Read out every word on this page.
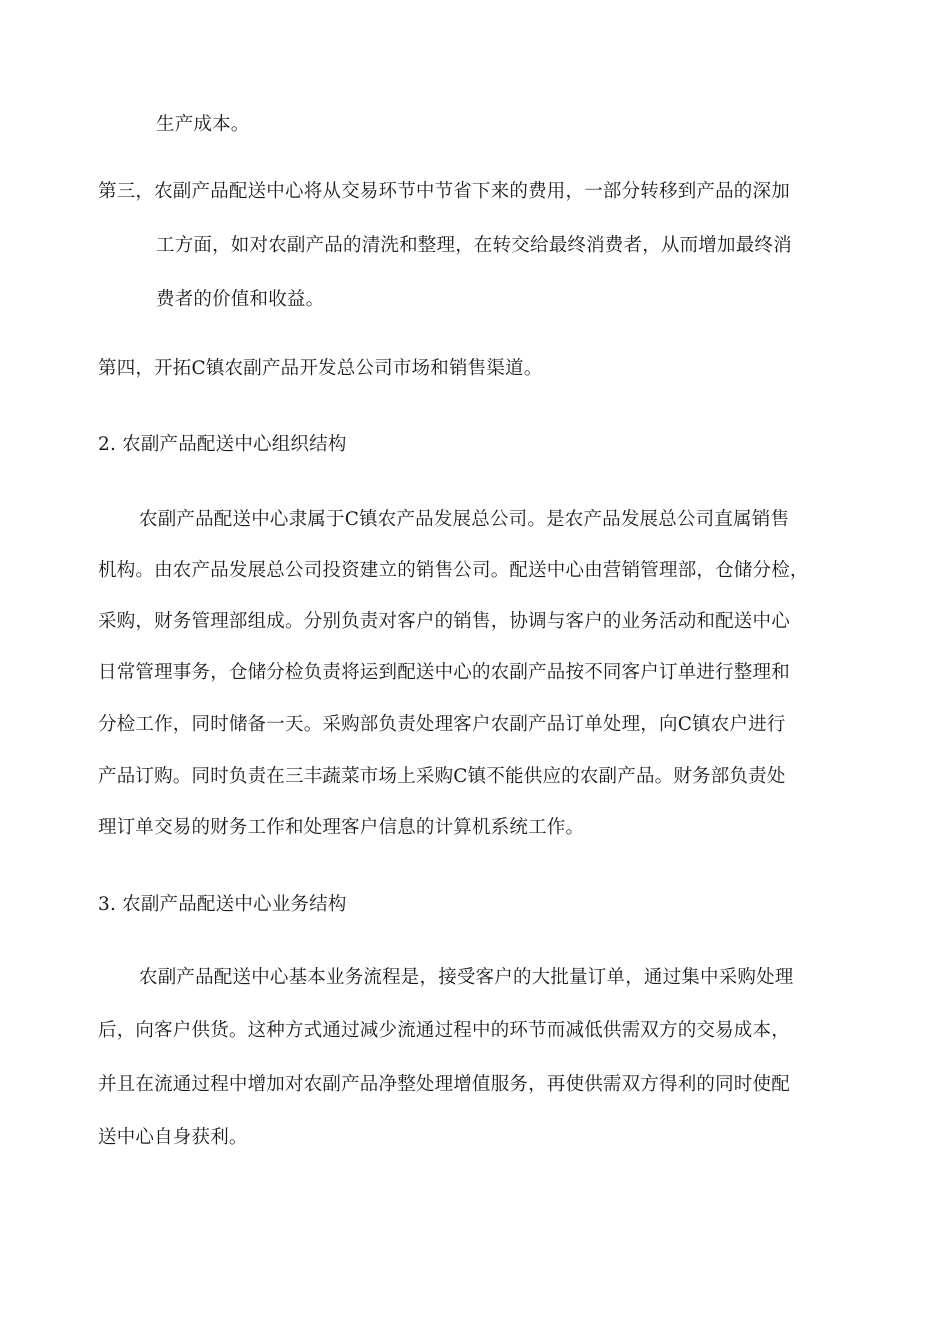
生产成本。
第三，农副产品配送中心将从交易环节中节省下来的费用，一部分转移到产品的深加
工方面，如对农副产品的清洗和整理，在转交给最终消费者，从而增加最终消
费者的价值和收益。
第四，开拓C镇农副产品开发总公司市场和销售渠道。
2. 农副产品配送中心组织结构
农副产品配送中心隶属于C镇农产品发展总公司。是农产品发展总公司直属销售
机构。由农产品发展总公司投资建立的销售公司。配送中心由营销管理部，仓储分检，
采购，财务管理部组成。分别负责对客户的销售，协调与客户的业务活动和配送中心
日常管理事务，仓储分检负责将运到配送中心的农副产品按不同客户订单进行整理和
分检工作，同时储备一天。采购部负责处理客户农副产品订单处理，向C镇农户进行
产品订购。同时负责在三丰蔬菜市场上采购C镇不能供应的农副产品。财务部负责处
理订单交易的财务工作和处理客户信息的计算机系统工作。
3. 农副产品配送中心业务结构
农副产品配送中心基本业务流程是，接受客户的大批量订单，通过集中采购处理
后，向客户供货。这种方式通过减少流通过程中的环节而减低供需双方的交易成本，
并且在流通过程中增加对农副产品净整处理增值服务，再使供需双方得利的同时使配
送中心自身获利。
